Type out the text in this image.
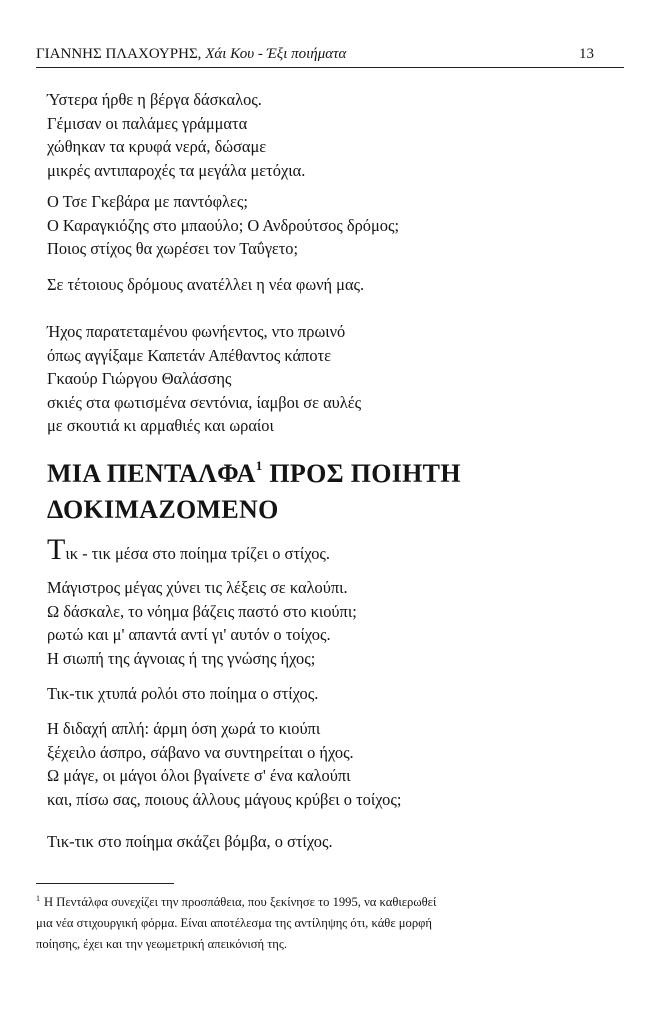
ΓΙΑΝΝΗΣ ΠΛΑΧΟΥΡΗΣ, Χάι Κου - Έξι ποιήματα	13
Ύστερα ήρθε η βέργα δάσκαλος.
Γέμισαν οι παλάμες γράμματα
χώθηκαν τα κρυφά νερά, δώσαμε
μικρές αντιπαροχές τα μεγάλα μετόχια.
Ο Τσε Γκεβάρα με παντόφλες;
Ο Καραγκιόζης στο μπαούλο; Ο Ανδρούτσος δρόμος;
Ποιος στίχος θα χωρέσει τον Ταΰγετο;
Σε τέτοιους δρόμους ανατέλλει η νέα φωνή μας.
Ήχος παρατεταμένου φωνήεντος, ντο πρωινό
όπως αγγίξαμε Καπετάν Απέθαντος κάποτε
Γκαούρ Γιώργου Θαλάσσης
σκιές στα φωτισμένα σεντόνια, ίαμβοι σε αυλές
με σκουτιά κι αρμαθιές και ωραίοι
ΜΙΑ ΠΕΝΤΑΛΦΑ$^1$ ΠΡΟΣ ΠΟΙΗΤΗ
ΔΟΚΙΜΑΖΟΜΕΝΟ
Τικ - τικ μέσα στο ποίημα τρίζει ο στίχος.
Μάγιστρος μέγας χύνει τις λέξεις σε καλούπι.
Ω δάσκαλε, το νόημα βάζεις παστό στο κιούπι;
ρωτώ και μ' απαντά αντί γι' αυτόν ο τοίχος.
Η σιωπή της άγνοιας ή της γνώσης ήχος;
Τικ-τικ χτυπά ρολόι στο ποίημα ο στίχος.
Η διδαχή απλή: άρμη όση χωρά το κιούπι
ξέχειλο άσπρο, σάβανο να συντηρείται ο ήχος.
Ω μάγε, οι μάγοι όλοι βγαίνετε σ' ένα καλούπι
και, πίσω σας, ποιους άλλους μάγους κρύβει ο τοίχος;
Τικ-τικ στο ποίημα σκάζει βόμβα, ο στίχος.
$^1$ Η Πεντάλφα συνεχίζει την προσπάθεια, που ξεκίνησε το 1995, να καθιερωθεί
μια νέα στιχουργική φόρμα. Είναι αποτέλεσμα της αντίληψης ότι, κάθε μορφή
ποίησης, έχει και την γεωμετρική απεικόνισή της.
